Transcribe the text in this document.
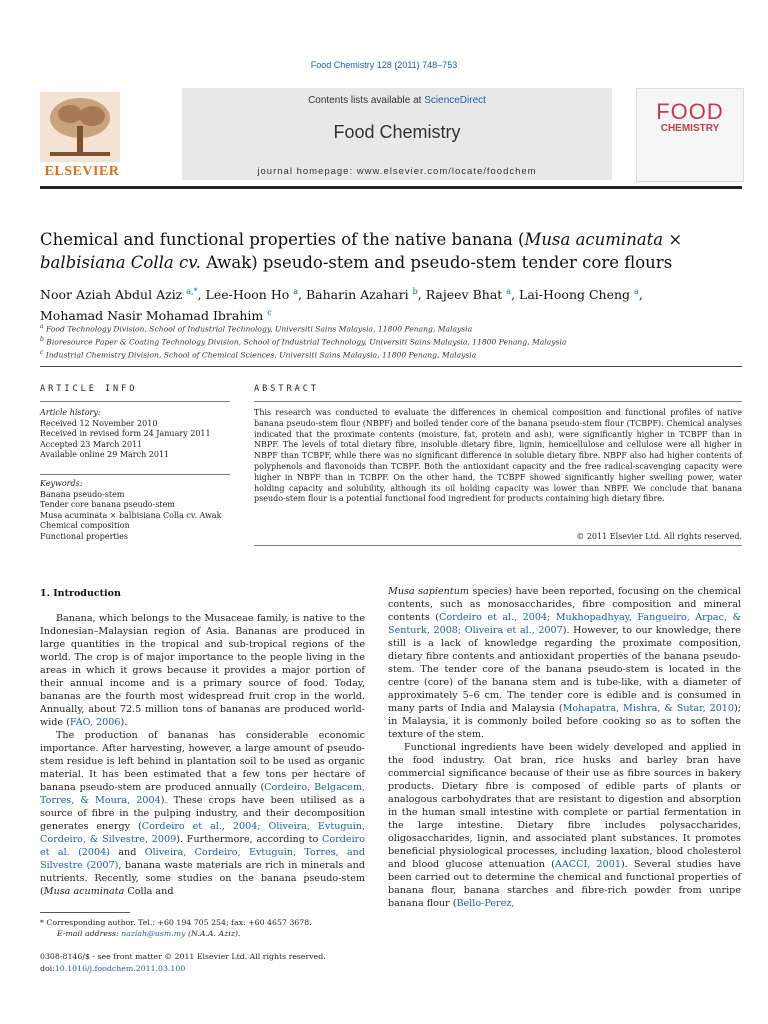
Food Chemistry 128 (2011) 748–753
Contents lists available at ScienceDirect
Food Chemistry
journal homepage: www.elsevier.com/locate/foodchem
ELSEVIER
FOOD
CHEMISTRY
Chemical and functional properties of the native banana (Musa acuminata × balbisiana Colla cv. Awak) pseudo-stem and pseudo-stem tender core flours
Noor Aziah Abdul Aziz $^{a,*}$, Lee-Hoon Ho $^a$, Baharin Azahari $^b$, Rajeev Bhat $^a$, Lai-Hoong Cheng $^a$,
Mohamad Nasir Mohamad Ibrahim $^c$
$^a$ Food Technology Division, School of Industrial Technology, Universiti Sains Malaysia, 11800 Penang, Malaysia
$^b$ Bioresource Paper & Coating Technology Division, School of Industrial Technology, Universiti Sains Malaysia, 11800 Penang, Malaysia
$^c$ Industrial Chemistry Division, School of Chemical Sciences, Universiti Sains Malaysia, 11800 Penang, Malaysia
ARTICLE INFO	ABSTRACT
Article history:
Received 12 November 2010
Received in revised form 24 January 2011
Accepted 23 March 2011
Available online 29 March 2011
Keywords:
Banana pseudo-stem
Tender core banana pseudo-stem
Musa acuminata × balbisiana Colla cv. Awak
Chemical composition
Functional properties
This research was conducted to evaluate the differences in chemical composition and functional profiles of native banana pseudo-stem flour (NBPF) and boiled tender core of the banana pseudo-stem flour (TCBPF). Chemical analyses indicated that the proximate contents (moisture, fat, protein and ash), were significantly higher in TCBPF than in NBPF. The levels of total dietary fibre, insoluble dietary fibre, lignin, hemicellulose and cellulose were all higher in NBPF than TCBPF, while there was no significant difference in soluble dietary fibre. NBPF also had higher contents of polyphenols and flavonoids than TCBPF. Both the antioxidant capacity and the free radical-scavenging capacity were higher in NBPF than in TCBPF. On the other hand, the TCBPF showed significantly higher swelling power, water holding capacity and solubility, although its oil holding capacity was lower than NBPF. We conclude that banana pseudo-stem flour is a potential functional food ingredient for products containing high dietary fibre.
© 2011 Elsevier Ltd. All rights reserved.
1. Introduction

Banana, which belongs to the Musaceae family, is native to the Indonesian–Malaysian region of Asia. Bananas are produced in large quantities in the tropical and sub-tropical regions of the world. The crop is of major importance to the people living in the areas in which it grows because it provides a major portion of their annual income and is a primary source of food. Today, bananas are the fourth most widespread fruit crop in the world. Annually, about 72.5 million tons of bananas are produced world-wide (FAO, 2006).

The production of bananas has considerable economic importance. After harvesting, however, a large amount of pseudo-stem residue is left behind in plantation soil to be used as organic material. It has been estimated that a few tons per hectare of banana pseudo-stem are produced annually (Cordeiro, Belgacem, Torres, & Moura, 2004). These crops have been utilised as a source of fibre in the pulping industry, and their decomposition generates energy (Cordeiro et al., 2004; Oliveira, Evtuguin, Cordeiro, & Silvestre, 2009). Furthermore, according to Cordeiro et al. (2004) and Oliveira, Cordeiro, Evtuguin, Torres, and Silvestre (2007), banana waste materials are rich in minerals and nutrients. Recently, some studies on the banana pseudo-stem (Musa acuminata Colla and

Musa sapientum species) have been reported, focusing on the chemical contents, such as monosaccharides, fibre composition and mineral contents (Cordeiro et al., 2004; Mukhopadhyay, Fangueiro, Arpac, & Senturk, 2008; Oliveira et al., 2007). However, to our knowledge, there still is a lack of knowledge regarding the proximate composition, dietary fibre contents and antioxidant properties of the banana pseudo-stem. The tender core of the banana pseudo-stem is located in the centre (core) of the banana stem and is tube-like, with a diameter of approximately 5–6 cm. The tender core is edible and is consumed in many parts of India and Malaysia (Mohapatra, Mishra, & Sutar, 2010); in Malaysia, it is commonly boiled before cooking so as to soften the texture of the stem.

Functional ingredients have been widely developed and applied in the food industry. Oat bran, rice husks and barley bran have commercial significance because of their use as fibre sources in bakery products. Dietary fibre is composed of edible parts of plants or analogous carbohydrates that are resistant to digestion and absorption in the human small intestine with complete or partial fermentation in the large intestine. Dietary fibre includes polysaccharides, oligosaccharides, lignin, and associated plant substances. It promotes beneficial physiological processes, including laxation, blood cholesterol and blood glucose attenuation (AACCI, 2001). Several studies have been carried out to determine the chemical and functional properties of banana flour, banana starches and fibre-rich powder from unripe banana flour (Bello-Perez,

* Corresponding author. Tel.: +60 194 705 254; fax: +60 4657 3678.
E-mail address: naziah@usm.my (N.A.A. Aziz).
0308-8146/$ - see front matter © 2011 Elsevier Ltd. All rights reserved.
doi:10.1016/j.foodchem.2011.03.100
